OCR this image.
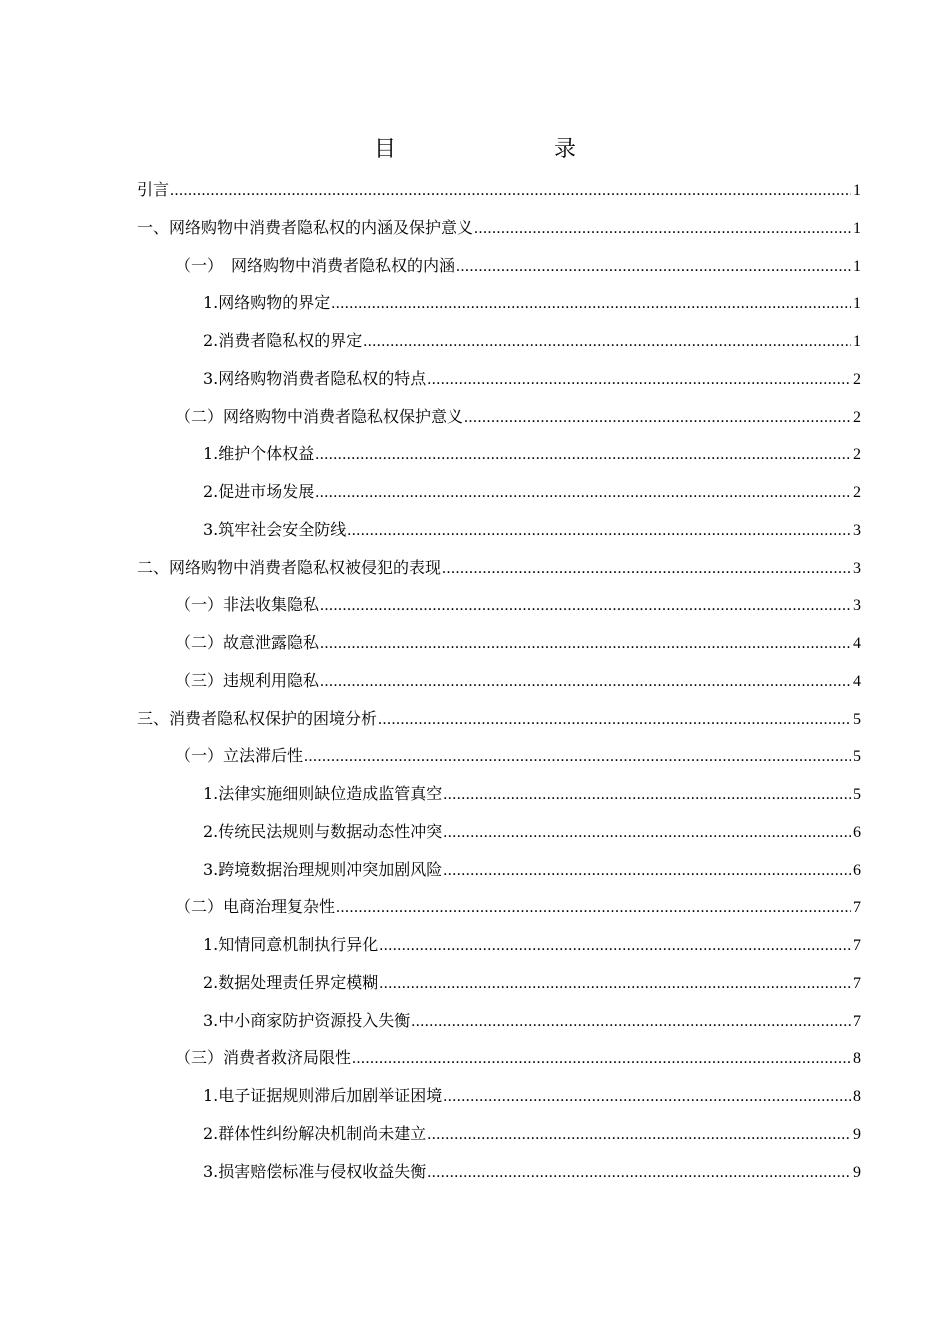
目　　录
引言 .....	1
一、网络购物中消费者隐私权的内涵及保护意义 .....	1
（一）　网络购物中消费者隐私权的内涵 .....	1
1.网络购物的界定 .....	1
2.消费者隐私权的界定 .....	1
3.网络购物消费者隐私权的特点 .....	2
（二）网络购物中消费者隐私权保护意义 .....	2
1.维护个体权益 .....	2
2.促进市场发展 .....	2
3.筑牢社会安全防线 .....	3
二、网络购物中消费者隐私权被侵犯的表现 .....	3
（一）非法收集隐私 .....	3
（二）故意泄露隐私 .....	4
（三）违规利用隐私 .....	4
三、消费者隐私权保护的困境分析 .....	5
（一）立法滞后性 .....	5
1.法律实施细则缺位造成监管真空 .....	5
2.传统民法规则与数据动态性冲突 .....	6
3.跨境数据治理规则冲突加剧风险 .....	6
（二）电商治理复杂性 .....	7
1.知情同意机制执行异化 .....	7
2.数据处理责任界定模糊 .....	7
3.中小商家防护资源投入失衡 .....	7
（三）消费者救济局限性 .....	8
1.电子证据规则滞后加剧举证困境 .....	8
2.群体性纠纷解决机制尚未建立 .....	9
3.损害赔偿标准与侵权收益失衡 .....	9
